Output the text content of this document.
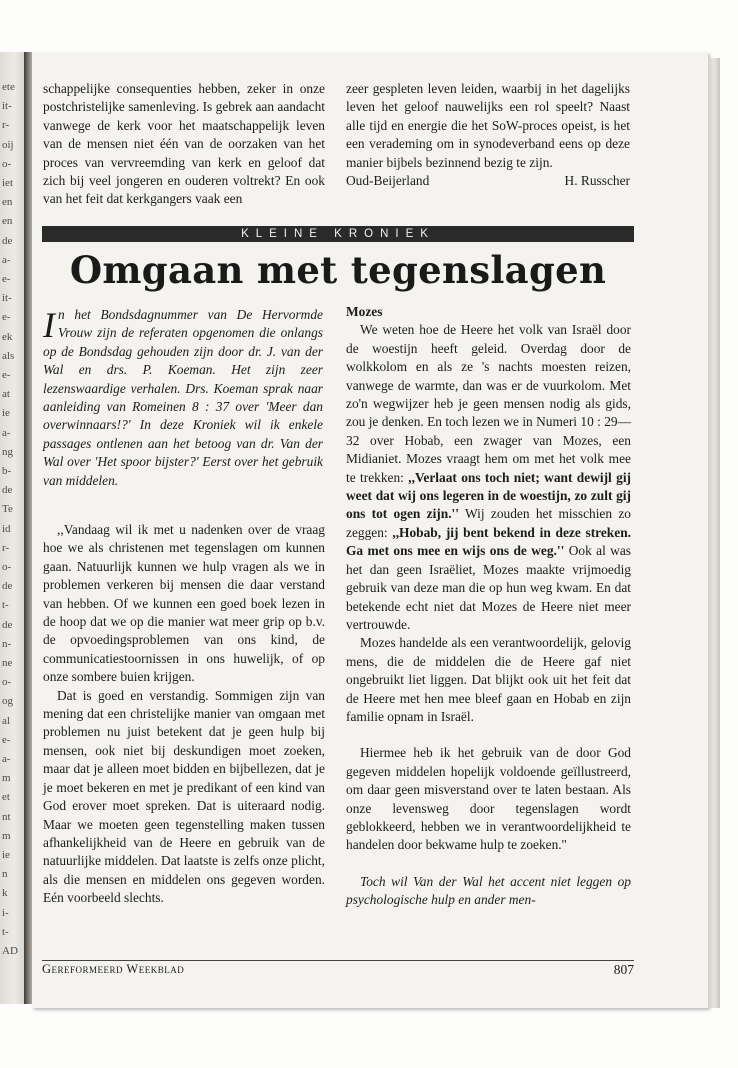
ete
it-
r-
oij
o-
iet
en
en
de
a-
e-
it-
e-
ek
als
e-
at
ie
a-
ng
b-
de
Te
id
r-
o-
de
t-
de
n-
ne
o-
og
al
e-
a-
m
et
nt
m
ie
n
k
i-
t-
AD

schappelijke consequenties hebben, zeker in onze postchristelijke samenleving. Is gebrek aan aandacht vanwege de kerk voor het maatschappelijk leven van de mensen niet één van de oorzaken van het proces van vervreemding van kerk en geloof dat zich bij veel jongeren en ouderen voltrekt? En ook van het feit dat kerkgangers vaak een

zeer gespleten leven leiden, waarbij in het dagelijks leven het geloof nauwelijks een rol speelt? Naast alle tijd en energie die het SoW-proces opeist, is het een verademing om in synodeverband eens op deze manier bijbels bezinnend bezig te zijn.

Oud-Beijerland	H. Russcher
KLEINE KRONIEK
Omgaan met tegenslagen

In het Bondsdagnummer van De Hervormde Vrouw zijn de referaten opgenomen die onlangs op de Bondsdag gehouden zijn door dr. J. van der Wal en drs. P. Koeman. Het zijn zeer lezenswaardige verhalen. Drs. Koeman sprak naar aanleiding van Romeinen 8 : 37 over 'Meer dan overwinnaars!?' In deze Kroniek wil ik enkele passages ontlenen aan het betoog van dr. Van der Wal over 'Het spoor bijster?' Eerst over het gebruik van middelen.

,,Vandaag wil ik met u nadenken over de vraag hoe we als christenen met tegenslagen om kunnen gaan. Natuurlijk kunnen we hulp vragen als we in problemen verkeren bij mensen die daar verstand van hebben. Of we kunnen een goed boek lezen in de hoop dat we op die manier wat meer grip op b.v. de opvoedingsproblemen van ons kind, de communicatiestoornissen in ons huwelijk, of op onze sombere buien krijgen.

Dat is goed en verstandig. Sommigen zijn van mening dat een christelijke manier van omgaan met problemen nu juist betekent dat je geen hulp bij mensen, ook niet bij deskundigen moet zoeken, maar dat je alleen moet bidden en bijbellezen, dat je je moet bekeren en met je predikant of een kind van God erover moet spreken. Dat is uiteraard nodig. Maar we moeten geen tegenstelling maken tussen afhankelijkheid van de Heere en gebruik van de natuurlijke middelen. Dat laatste is zelfs onze plicht, als die mensen en middelen ons gegeven worden. Eén voorbeeld slechts.

Mozes

We weten hoe de Heere het volk van Israël door de woestijn heeft geleid. Overdag door de wolkkolom en als ze 's nachts moesten reizen, vanwege de warmte, dan was er de vuurkolom. Met zo'n wegwijzer heb je geen mensen nodig als gids, zou je denken. En toch lezen we in Numeri 10 : 29—32 over Hobab, een zwager van Mozes, een Midianiet. Mozes vraagt hem om met het volk mee te trekken: ,,Verlaat ons toch niet; want dewijl gij weet dat wij ons legeren in de woestijn, zo zult gij ons tot ogen zijn.'' Wij zouden het misschien zo zeggen: ,,Hobab, jij bent bekend in deze streken. Ga met ons mee en wijs ons de weg.'' Ook al was het dan geen Israëliet, Mozes maakte vrijmoedig gebruik van deze man die op hun weg kwam. En dat betekende echt niet dat Mozes de Heere niet meer vertrouwde.

Mozes handelde als een verantwoordelijk, gelovig mens, die de middelen die de Heere gaf niet ongebruikt liet liggen. Dat blijkt ook uit het feit dat de Heere met hen mee bleef gaan en Hobab en zijn familie opnam in Israël.

Hiermee heb ik het gebruik van de door God gegeven middelen hopelijk voldoende geïllustreerd, om daar geen misverstand over te laten bestaan. Als onze levensweg door tegenslagen wordt geblokkeerd, hebben we in verantwoordelijkheid te handelen door bekwame hulp te zoeken.''

Toch wil Van der Wal het accent niet leggen op psychologische hulp en ander men-

Gereformeerd Weekblad	807
